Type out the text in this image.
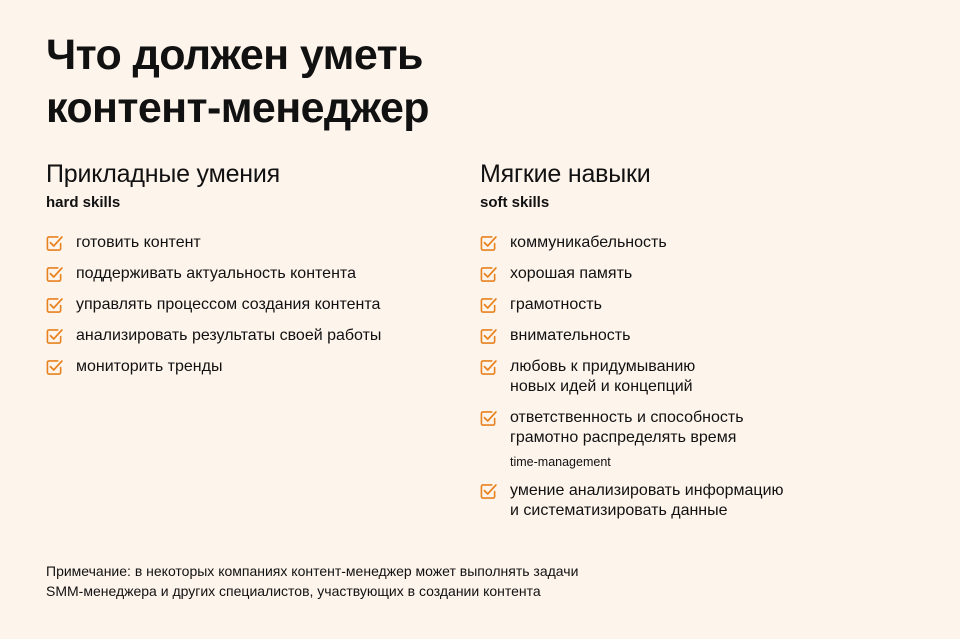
Что должен уметь
контент-менеджер
Прикладные умения

hard skills

готовить контент
поддерживать актуальность контента
управлять процессом создания контента
анализировать результаты своей работы
мониторить тренды
Мягкие навыки

soft skills

коммуникабельность
хорошая память
грамотность
внимательность
любовь к придумыванию
новых идей и концепций
ответственность и способность
грамотно распределять время
time-management
умение анализировать информацию
и систематизировать данные
Примечание: в некоторых компаниях контент-менеджер может выполнять задачи
SMM-менеджера и других специалистов, участвующих в создании контента
